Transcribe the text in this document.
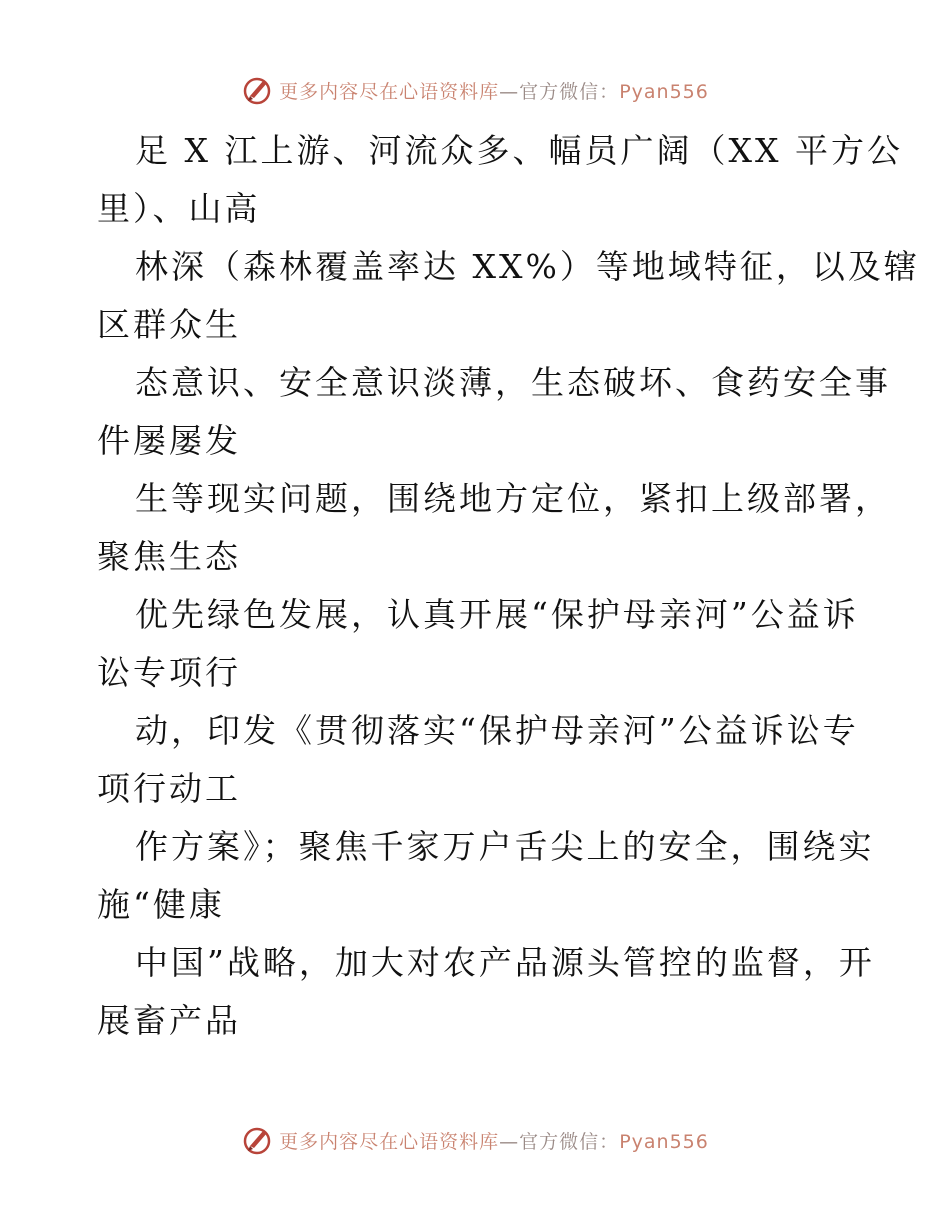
更多内容尽在心语资料库—官方微信：Pyan556
足 X 江上游、河流众多、幅员广阔（XX 平方公
里）、山高
林深（森林覆盖率达 XX%）等地域特征，以及辖
区群众生
态意识、安全意识淡薄，生态破坏、食药安全事
件屡屡发
生等现实问题，围绕地方定位，紧扣上级部署，
聚焦生态
优先绿色发展，认真开展“保护母亲河”公益诉
讼专项行
动，印发《贯彻落实“保护母亲河”公益诉讼专
项行动工
作方案》；聚焦千家万户舌尖上的安全，围绕实
施“健康
中国”战略，加大对农产品源头管控的监督，开
展畜产品
更多内容尽在心语资料库—官方微信：Pyan556
